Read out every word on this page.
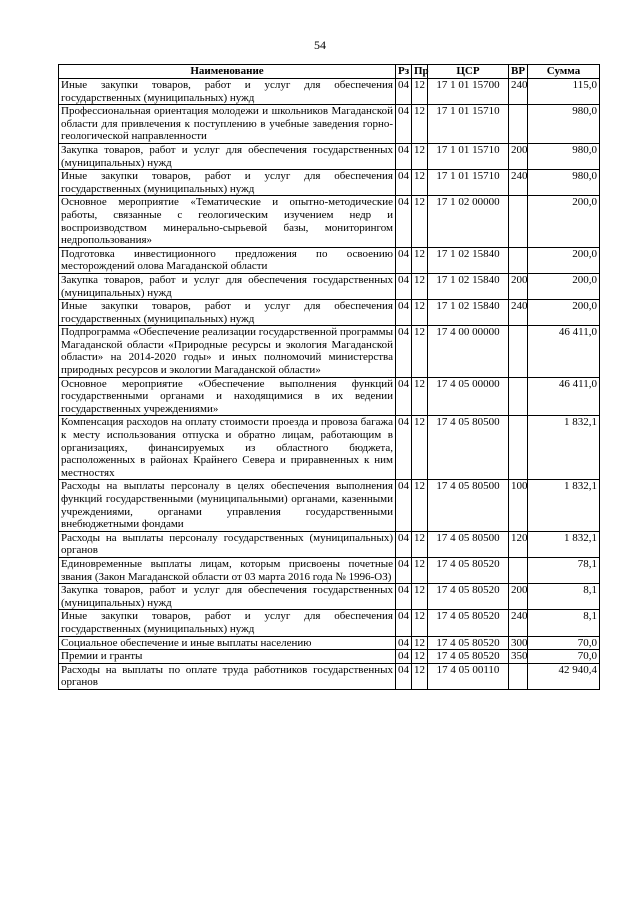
54
Наименование	Рз	Пр	ЦСР	ВР	Сумма
Иные закупки товаров, работ и услуг для обеспечения государственных (муниципальных) нужд	04	12	17 1 01 15700	240	115,0
Профессиональная ориентация молодежи и школьников Магаданской области для привлечения к поступлению в учебные заведения горно-геологической направленности	04	12	17 1 01 15710		980,0
Закупка товаров, работ и услуг для обеспечения государственных (муниципальных) нужд	04	12	17 1 01 15710	200	980,0
Иные закупки товаров, работ и услуг для обеспечения государственных (муниципальных) нужд	04	12	17 1 01 15710	240	980,0
Основное мероприятие «Тематические и опытно-методические работы, связанные с геологическим изучением недр и воспроизводством минерально-сырьевой базы, мониторингом недропользования»	04	12	17 1 02 00000		200,0
Подготовка инвестиционного предложения по освоению месторождений олова Магаданской области	04	12	17 1 02 15840		200,0
Закупка товаров, работ и услуг для обеспечения государственных (муниципальных) нужд	04	12	17 1 02 15840	200	200,0
Иные закупки товаров, работ и услуг для обеспечения государственных (муниципальных) нужд	04	12	17 1 02 15840	240	200,0
Подпрограмма «Обеспечение реализации государственной программы Магаданской области «Природные ресурсы и экология Магаданской области» на 2014-2020 годы» и иных полномочий министерства природных ресурсов и экологии Магаданской области»	04	12	17 4 00 00000		46 411,0
Основное мероприятие «Обеспечение выполнения функций государственными органами и находящимися в их ведении государственных учреждениями»	04	12	17 4 05 00000		46 411,0
Компенсация расходов на оплату стоимости проезда и провоза багажа к месту использования отпуска и обратно лицам, работающим в организациях, финансируемых из областного бюджета, расположенных в районах Крайнего Севера и приравненных к ним местностях	04	12	17 4 05 80500		1 832,1
Расходы на выплаты персоналу в целях обеспечения выполнения функций государственными (муниципальными) органами, казенными учреждениями, органами управления государственными внебюджетными фондами	04	12	17 4 05 80500	100	1 832,1
Расходы на выплаты персоналу государственных (муниципальных) органов	04	12	17 4 05 80500	120	1 832,1
Единовременные выплаты лицам, которым присвоены почетные звания (Закон Магаданской области от 03 марта 2016 года № 1996-ОЗ)	04	12	17 4 05 80520		78,1
Закупка товаров, работ и услуг для обеспечения государственных (муниципальных) нужд	04	12	17 4 05 80520	200	8,1
Иные закупки товаров, работ и услуг для обеспечения государственных (муниципальных) нужд	04	12	17 4 05 80520	240	8,1
Социальное обеспечение и иные выплаты населению	04	12	17 4 05 80520	300	70,0
Премии и гранты	04	12	17 4 05 80520	350	70,0
Расходы на выплаты по оплате труда работников государственных органов	04	12	17 4 05 00110		42 940,4
